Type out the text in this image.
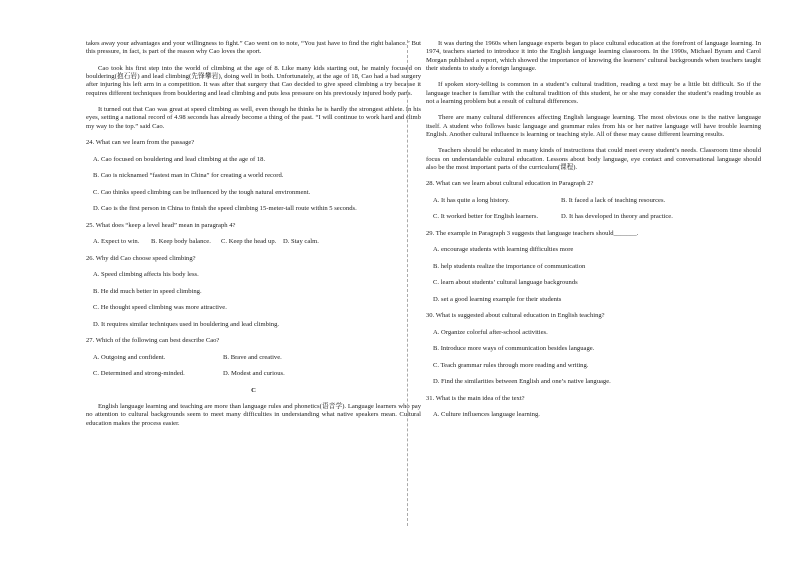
takes away your advantages and your willingness to fight.” Cao went on to note, “You just have to find the right balance.” But this pressure, in fact, is part of the reason why Cao loves the sport.

Cao took his first step into the world of climbing at the age of 8. Like many kids starting out, he mainly focused on bouldering(抱石岩) and lead climbing(先锋攀岩), doing well in both. Unfortunately, at the age of 18, Cao had a bad surgery after injuring his left arm in a competition. It was after that surgery that Cao decided to give speed climbing a try because it requires different techniques from bouldering and lead climbing and puts less pressure on his previously injured body parts.

It turned out that Cao was great at speed climbing as well, even though he thinks he is hardly the strongest athlete. In his eyes, setting a national record of 4.98 seconds has already become a thing of the past. “I will continue to work hard and climb my way to the top.” said Cao.

24. What can we learn from the passage?
A. Cao focused on bouldering and lead climbing at the age of 18.
B. Cao is nicknamed “fastest man in China” for creating a world record.
C. Cao thinks speed climbing can be influenced by the tough natural environment.
D. Cao is the first person in China to finish the speed climbing 15-meter-tall route within 5 seconds.
25. What does “keep a level head” mean in paragraph 4?
A. Expect to win.	B. Keep body balance.	C. Keep the head up.	D. Stay calm.
26. Why did Cao choose speed climbing?
A. Speed climbing affects his body less.
B. He did much better in speed climbing.
C. He thought speed climbing was more attractive.
D. It requires similar techniques used in bouldering and lead climbing.
27. Which of the following can best describe Cao?
A. Outgoing and confident.	B. Brave and creative.
C. Determined and strong-minded.	D. Modest and curious.
C

English language learning and teaching are more than language rules and phonetics(语音学). Language learners who pay no attention to cultural backgrounds seem to meet many difficulties in understanding what native speakers mean. Cultural education makes the process easier.

It was during the 1960s when language experts began to place cultural education at the forefront of language learning. In 1974, teachers started to introduce it into the English language learning classroom. In the 1990s, Michael Byram and Carol Morgan published a report, which showed the importance of knowing the learners’ cultural backgrounds when teachers taught their students to study a foreign language.

If spoken story-telling is common in a student’s cultural tradition, reading a text may be a little bit difficult. So if the language teacher is familiar with the cultural tradition of this student, he or she may consider the student’s reading trouble as not a learning problem but a result of cultural differences.

There are many cultural differences affecting English language learning. The most obvious one is the native language itself. A student who follows basic language and grammar rules from his or her native language will have trouble learning English. Another cultural influence is learning or teaching style. All of these may cause different learning results.

Teachers should be educated in many kinds of instructions that could meet every student’s needs. Classroom time should focus on understandable cultural education. Lessons about body language, eye contact and conversational language should also be the most important parts of the curriculum(课程).

28. What can we learn about cultural education in Paragraph 2?
A. It has quite a long history.	B. It faced a lack of teaching resources.
C. It worked better for English learners.	D. It has developed in theory and practice.
29. The example in Paragraph 3 suggests that language teachers should_______.
A. encourage students with learning difficulties more
B. help students realize the importance of communication
C. learn about students’ cultural language backgrounds
D. set a good learning example for their students
30. What is suggested about cultural education in English teaching?
A. Organize colorful after-school activities.
B. Introduce more ways of communication besides language.
C. Teach grammar rules through more reading and writing.
D. Find the similarities between English and one’s native language.
31. What is the main idea of the text?
A. Culture influences language learning.
